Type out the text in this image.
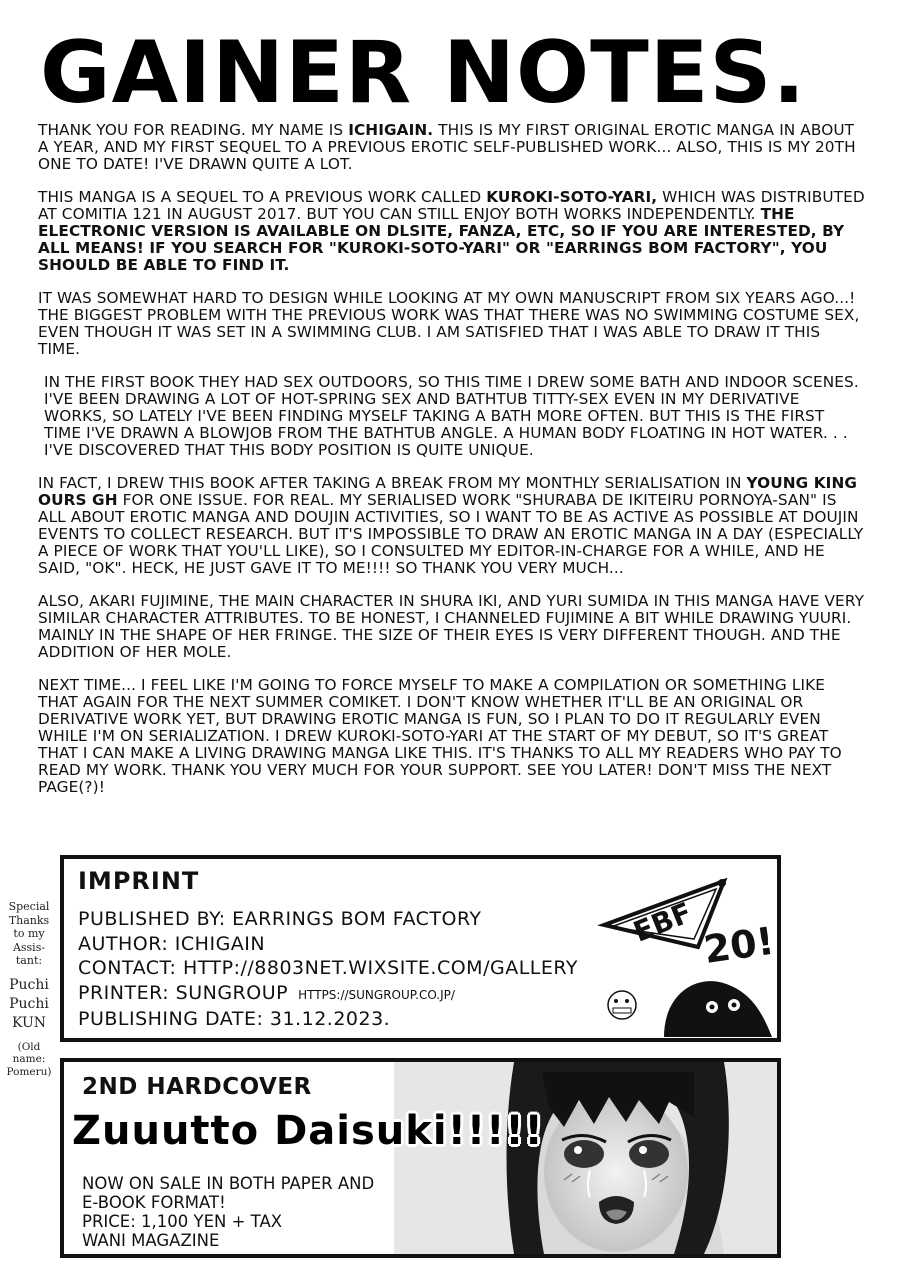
GAINER NOTES.

THANK YOU FOR READING. MY NAME IS ICHIGAIN. THIS IS MY FIRST ORIGINAL EROTIC MANGA IN ABOUT A YEAR, AND MY FIRST SEQUEL TO A PREVIOUS EROTIC SELF-PUBLISHED WORK... ALSO, THIS IS MY 20TH ONE TO DATE! I'VE DRAWN QUITE A LOT.

THIS MANGA IS A SEQUEL TO A PREVIOUS WORK CALLED KUROKI-SOTO-YARI, WHICH WAS DISTRIBUTED AT COMITIA 121 IN AUGUST 2017. BUT YOU CAN STILL ENJOY BOTH WORKS INDEPENDENTLY. THE ELECTRONIC VERSION IS AVAILABLE ON DLSITE, FANZA, ETC, SO IF YOU ARE INTERESTED, BY ALL MEANS! IF YOU SEARCH FOR "KUROKI-SOTO-YARI" OR "EARRINGS BOM FACTORY", YOU SHOULD BE ABLE TO FIND IT.

IT WAS SOMEWHAT HARD TO DESIGN WHILE LOOKING AT MY OWN MANUSCRIPT FROM SIX YEARS AGO...! THE BIGGEST PROBLEM WITH THE PREVIOUS WORK WAS THAT THERE WAS NO SWIMMING COSTUME SEX, EVEN THOUGH IT WAS SET IN A SWIMMING CLUB. I AM SATISFIED THAT I WAS ABLE TO DRAW IT THIS TIME.

IN THE FIRST BOOK THEY HAD SEX OUTDOORS, SO THIS TIME I DREW SOME BATH AND INDOOR SCENES. I'VE BEEN DRAWING A LOT OF HOT-SPRING SEX AND BATHTUB TITTY-SEX EVEN IN MY DERIVATIVE WORKS, SO LATELY I'VE BEEN FINDING MYSELF TAKING A BATH MORE OFTEN. BUT THIS IS THE FIRST TIME I'VE DRAWN A BLOWJOB FROM THE BATHTUB ANGLE. A HUMAN BODY FLOATING IN HOT WATER. . . I'VE DISCOVERED THAT THIS BODY POSITION IS QUITE UNIQUE.

IN FACT, I DREW THIS BOOK AFTER TAKING A BREAK FROM MY MONTHLY SERIALISATION IN YOUNG KING OURS GH FOR ONE ISSUE. FOR REAL. MY SERIALISED WORK "SHURABA DE IKITEIRU PORNOYA-SAN" IS ALL ABOUT EROTIC MANGA AND DOUJIN ACTIVITIES, SO I WANT TO BE AS ACTIVE AS POSSIBLE AT DOUJIN EVENTS TO COLLECT RESEARCH. BUT IT'S IMPOSSIBLE TO DRAW AN EROTIC MANGA IN A DAY (ESPECIALLY A PIECE OF WORK THAT YOU'LL LIKE), SO I CONSULTED MY EDITOR-IN-CHARGE FOR A WHILE, AND HE SAID, "OK". HECK, HE JUST GAVE IT TO ME!!!! SO THANK YOU VERY MUCH...

ALSO, AKARI FUJIMINE, THE MAIN CHARACTER IN SHURA IKI, AND YURI SUMIDA IN THIS MANGA HAVE VERY SIMILAR CHARACTER ATTRIBUTES. TO BE HONEST, I CHANNELED FUJIMINE A BIT WHILE DRAWING YUURI. MAINLY IN THE SHAPE OF HER FRINGE. THE SIZE OF THEIR EYES IS VERY DIFFERENT THOUGH. AND THE ADDITION OF HER MOLE.

NEXT TIME... I FEEL LIKE I'M GOING TO FORCE MYSELF TO MAKE A COMPILATION OR SOMETHING LIKE THAT AGAIN FOR THE NEXT SUMMER COMIKET. I DON'T KNOW WHETHER IT'LL BE AN ORIGINAL OR DERIVATIVE WORK YET, BUT DRAWING EROTIC MANGA IS FUN, SO I PLAN TO DO IT REGULARLY EVEN WHILE I'M ON SERIALIZATION. I DREW KUROKI-SOTO-YARI AT THE START OF MY DEBUT, SO IT'S GREAT THAT I CAN MAKE A LIVING DRAWING MANGA LIKE THIS. IT'S THANKS TO ALL MY READERS WHO PAY TO READ MY WORK. THANK YOU VERY MUCH FOR YOUR SUPPORT. SEE YOU LATER! DON'T MISS THE NEXT PAGE(?)!

Special
Thanks
to my
Assis-
tant:
Puchi
Puchi
KUN
(Old
name:
Pomeru)
IMPRINT
PUBLISHED BY: EARRINGS BOM FACTORY
AUTHOR: ICHIGAIN
CONTACT: HTTP://8803NET.WIXSITE.COM/GALLERY
PRINTER: SUNGROUP HTTPS://SUNGROUP.CO.JP/
PUBLISHING DATE: 31.12.2023.
EBF 20!
2ND HARDCOVER
Zuuutto Daisuki!!!!!
NOW ON SALE IN BOTH PAPER AND
E-BOOK FORMAT!
PRICE: 1,100 YEN + TAX
WANI MAGAZINE
